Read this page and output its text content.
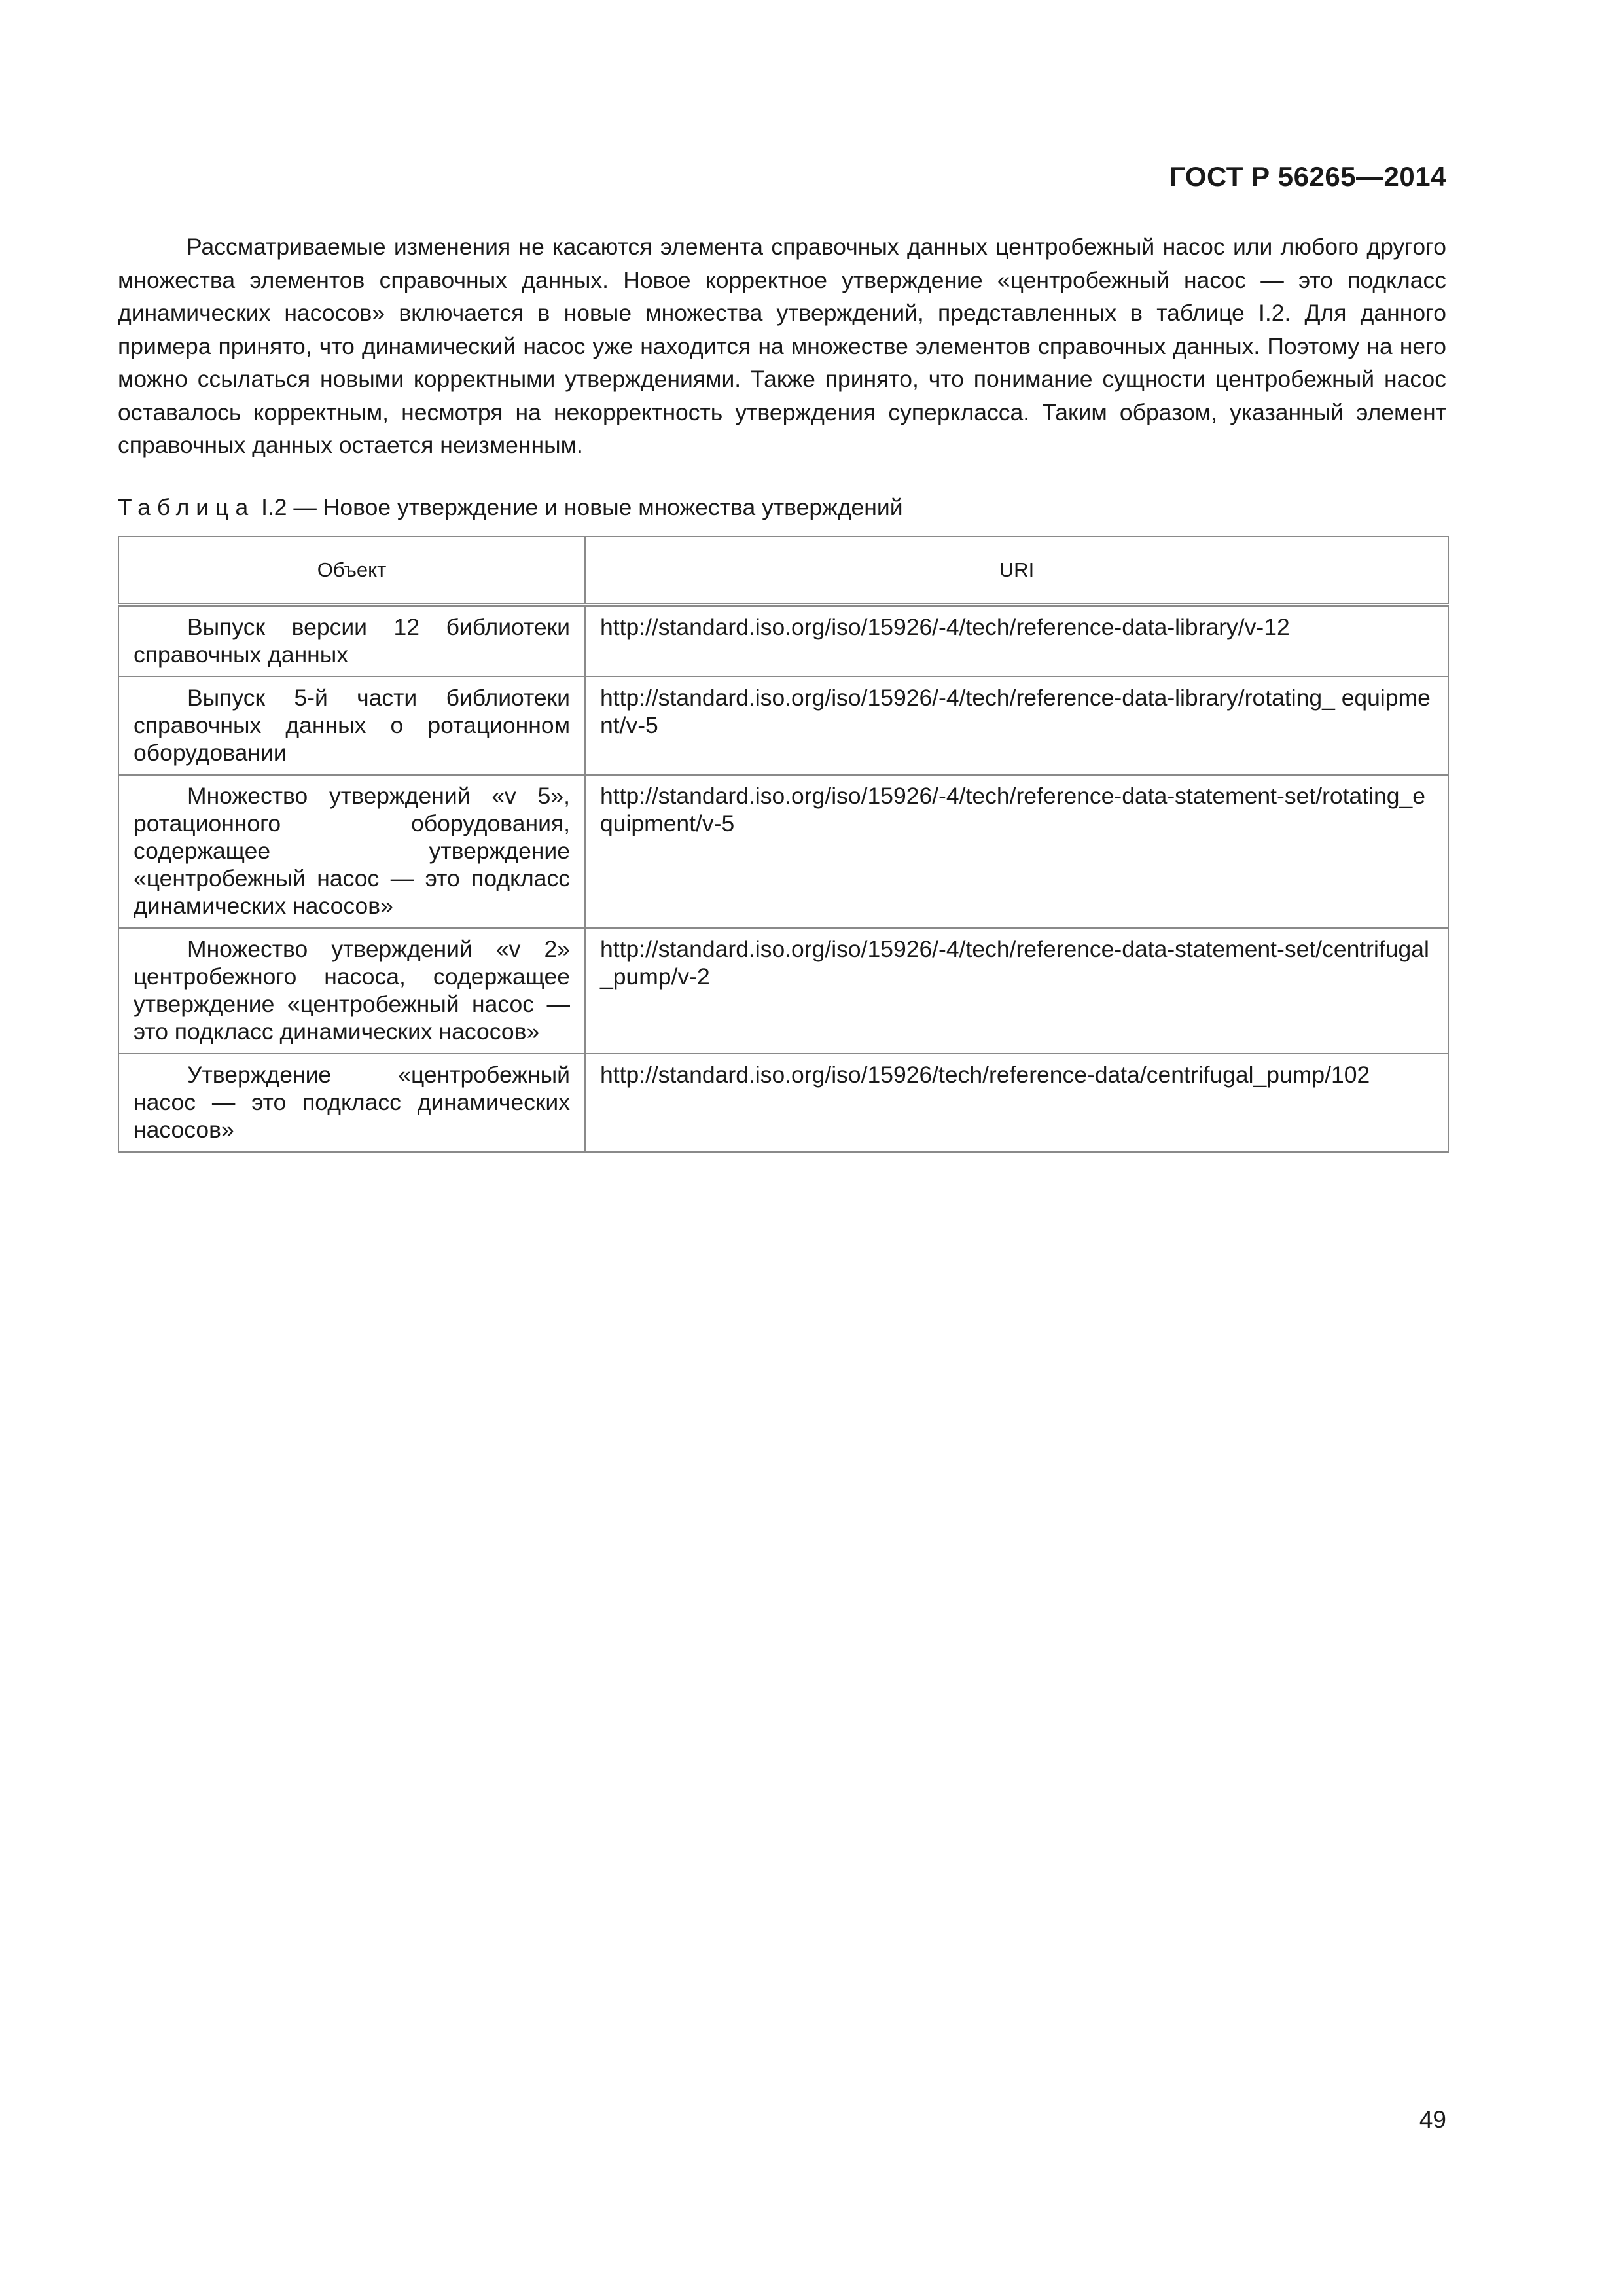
ГОСТ Р 56265—2014

Рассматриваемые изменения не касаются элемента справочных данных центробежный насос или любого другого множества элементов справочных данных. Новое корректное утверждение «центробежный насос — это подкласс динамических насосов» включается в новые множества утверждений, представленных в таблице I.2. Для данного примера принято, что динамический насос уже находится на множестве элементов справочных данных. Поэтому на него можно ссылаться новыми корректными утверждениями. Также принято, что понимание сущности центробежный насос оставалось корректным, несмотря на некорректность утверждения суперкласса. Таким образом, указанный элемент справочных данных остается неизменным.

Таблица I.2 — Новое утверждение и новые множества утверждений
Объект	URI
Выпуск версии 12 библиотеки справочных данных	http://standard.iso.org/iso/15926/-4/tech/reference-data-library/v-12
Выпуск 5-й части библиотеки справочных данных о ротационном оборудовании	http://standard.iso.org/iso/15926/-4/tech/reference-data-library/rotating_ equipment/v-5
Множество утверждений «v 5», ротационного оборудования, содержащее утверждение «центробежный насос — это подкласс динамических насосов»	http://standard.iso.org/iso/15926/-4/tech/reference-data-statement-set/rotating_equipment/v-5
Множество утверждений «v 2» центробежного насоса, содержащее утверждение «центробежный насос — это подкласс динамических насосов»	http://standard.iso.org/iso/15926/-4/tech/reference-data-statement-set/centrifugal_pump/v-2
Утверждение «центробежный насос — это подкласс динамических насосов»	http://standard.iso.org/iso/15926/tech/reference-data/centrifugal_pump/102
49
